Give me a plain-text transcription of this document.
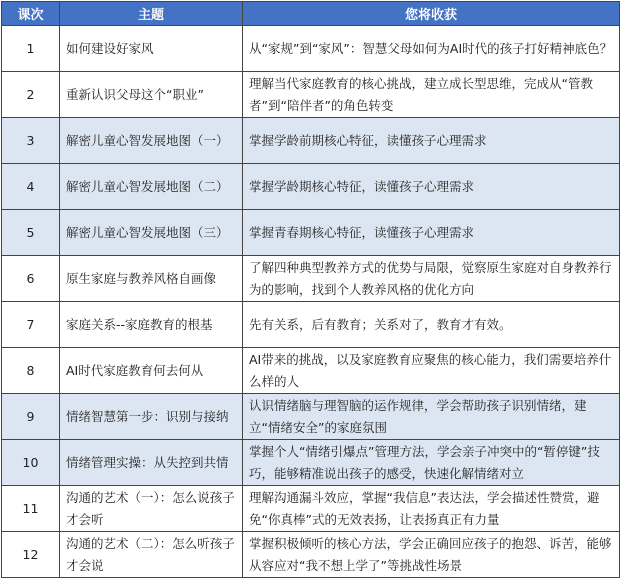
课次	主题	您将收获
1	如何建设好家风	从“家规”到“家风”：智慧父母如何为AI时代的孩子打好精神底色？
2	重新认识父母这个“职业”	理解当代家庭教育的核心挑战，建立成长型思维，完成从“管教者”到“陪伴者”的角色转变
3	解密儿童心智发展地图（一）	掌握学龄前期核心特征，读懂孩子心理需求
4	解密儿童心智发展地图（二）	掌握学龄期核心特征，读懂孩子心理需求
5	解密儿童心智发展地图（三）	掌握青春期核心特征，读懂孩子心理需求
6	原生家庭与教养风格自画像	了解四种典型教养方式的优势与局限，觉察原生家庭对自身教养行为的影响，找到个人教养风格的优化方向
7	家庭关系--家庭教育的根基	先有关系，后有教育；关系对了，教育才有效。
8	AI时代家庭教育何去何从	AI带来的挑战，以及家庭教育应聚焦的核心能力，我们需要培养什么样的人
9	情绪智慧第一步：识别与接纳	认识情绪脑与理智脑的运作规律，学会帮助孩子识别情绪，建立“情绪安全”的家庭氛围
10	情绪管理实操：从失控到共情	掌握个人“情绪引爆点”管理方法，学会亲子冲突中的“暂停键”技巧，能够精准说出孩子的感受，快速化解情绪对立
11	沟通的艺术（一）：怎么说孩子才会听	理解沟通漏斗效应，掌握“我信息”表达法，学会描述性赞赏，避免“你真棒”式的无效表扬，让表扬真正有力量
12	沟通的艺术（二）：怎么听孩子才会说	掌握积极倾听的核心方法，学会正确回应孩子的抱怨、诉苦，能够从容应对“我不想上学了”等挑战性场景
